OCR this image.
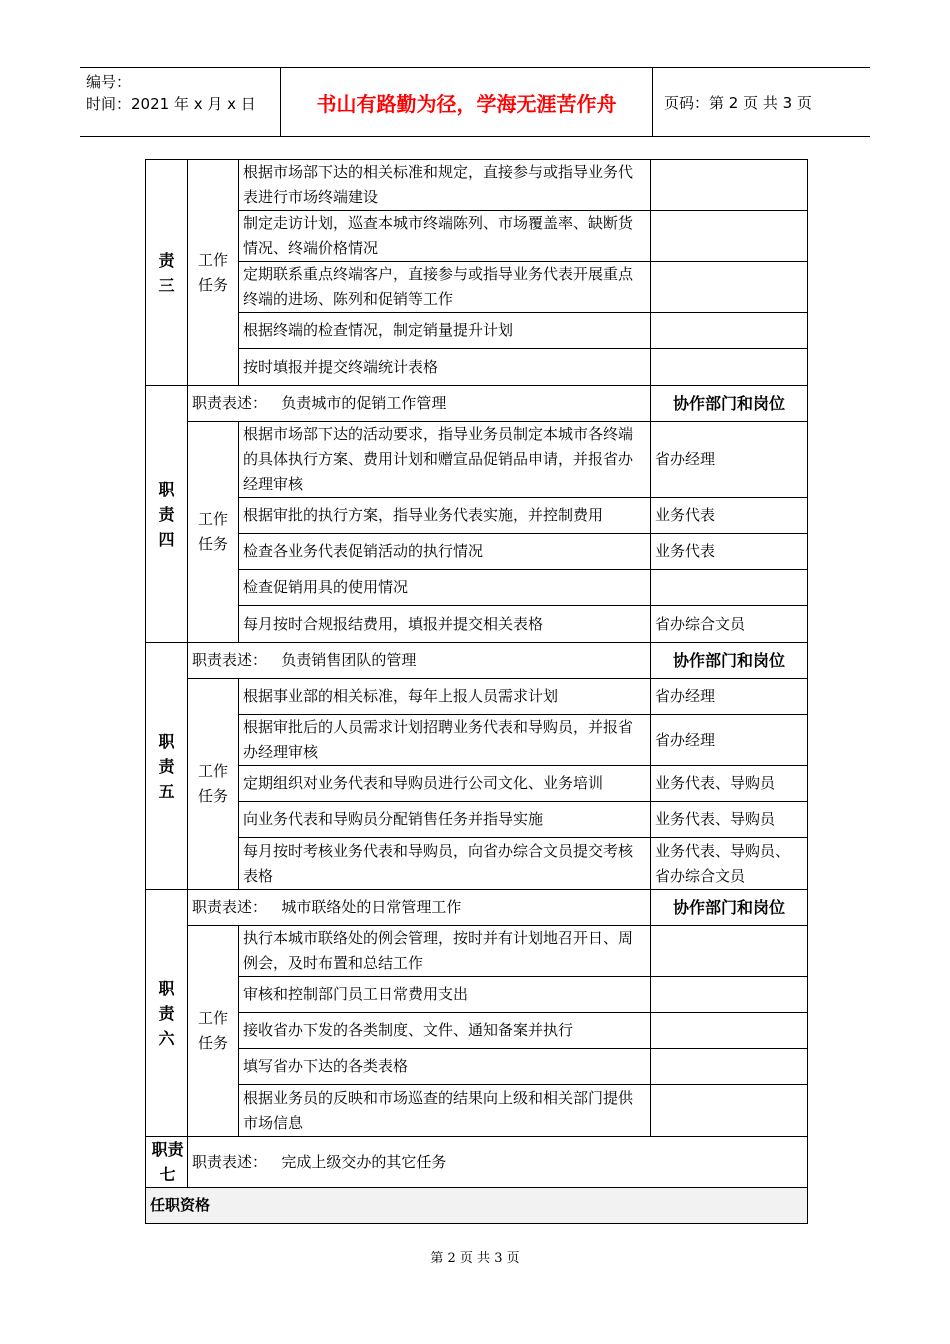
编号：
时间：2021 年 x 月 x 日	书山有路勤为径，学海无涯苦作舟	页码：第 2 页 共 3 页
责三	工作任务	根据市场部下达的相关标准和规定，直接参与或指导业务代表进行市场终端建设	
		制定走访计划，巡查本城市终端陈列、市场覆盖率、缺断货情况、终端价格情况	
		定期联系重点终端客户，直接参与或指导业务代表开展重点终端的进场、陈列和促销等工作	
		根据终端的检查情况，制定销量提升计划	
		按时填报并提交终端统计表格	
职责四	职责表述： 负责城市的促销工作管理		协作部门和岗位
	工作任务	根据市场部下达的活动要求，指导业务员制定本城市各终端的具体执行方案、费用计划和赠宣品促销品申请，并报省办经理审核	省办经理
		根据审批的执行方案，指导业务代表实施，并控制费用	业务代表
		检查各业务代表促销活动的执行情况	业务代表
		检查促销用具的使用情况	
		每月按时合规报结费用，填报并提交相关表格	省办综合文员
职责五	职责表述： 负责销售团队的管理		协作部门和岗位
	工作任务	根据事业部的相关标准，每年上报人员需求计划	省办经理
		根据审批后的人员需求计划招聘业务代表和导购员，并报省办经理审核	省办经理
		定期组织对业务代表和导购员进行公司文化、业务培训	业务代表、导购员
		向业务代表和导购员分配销售任务并指导实施	业务代表、导购员
		每月按时考核业务代表和导购员，向省办综合文员提交考核表格	业务代表、导购员、省办综合文员
职责六	职责表述： 城市联络处的日常管理工作		协作部门和岗位
	工作任务	执行本城市联络处的例会管理，按时并有计划地召开日、周例会，及时布置和总结工作	
		审核和控制部门员工日常费用支出	
		接收省办下发的各类制度、文件、通知备案并执行	
		填写省办下达的各类表格	
		根据业务员的反映和市场巡查的结果向上级和相关部门提供市场信息	
职责七	职责表述： 完成上级交办的其它任务		
任职资格			
第 2 页 共 3 页
